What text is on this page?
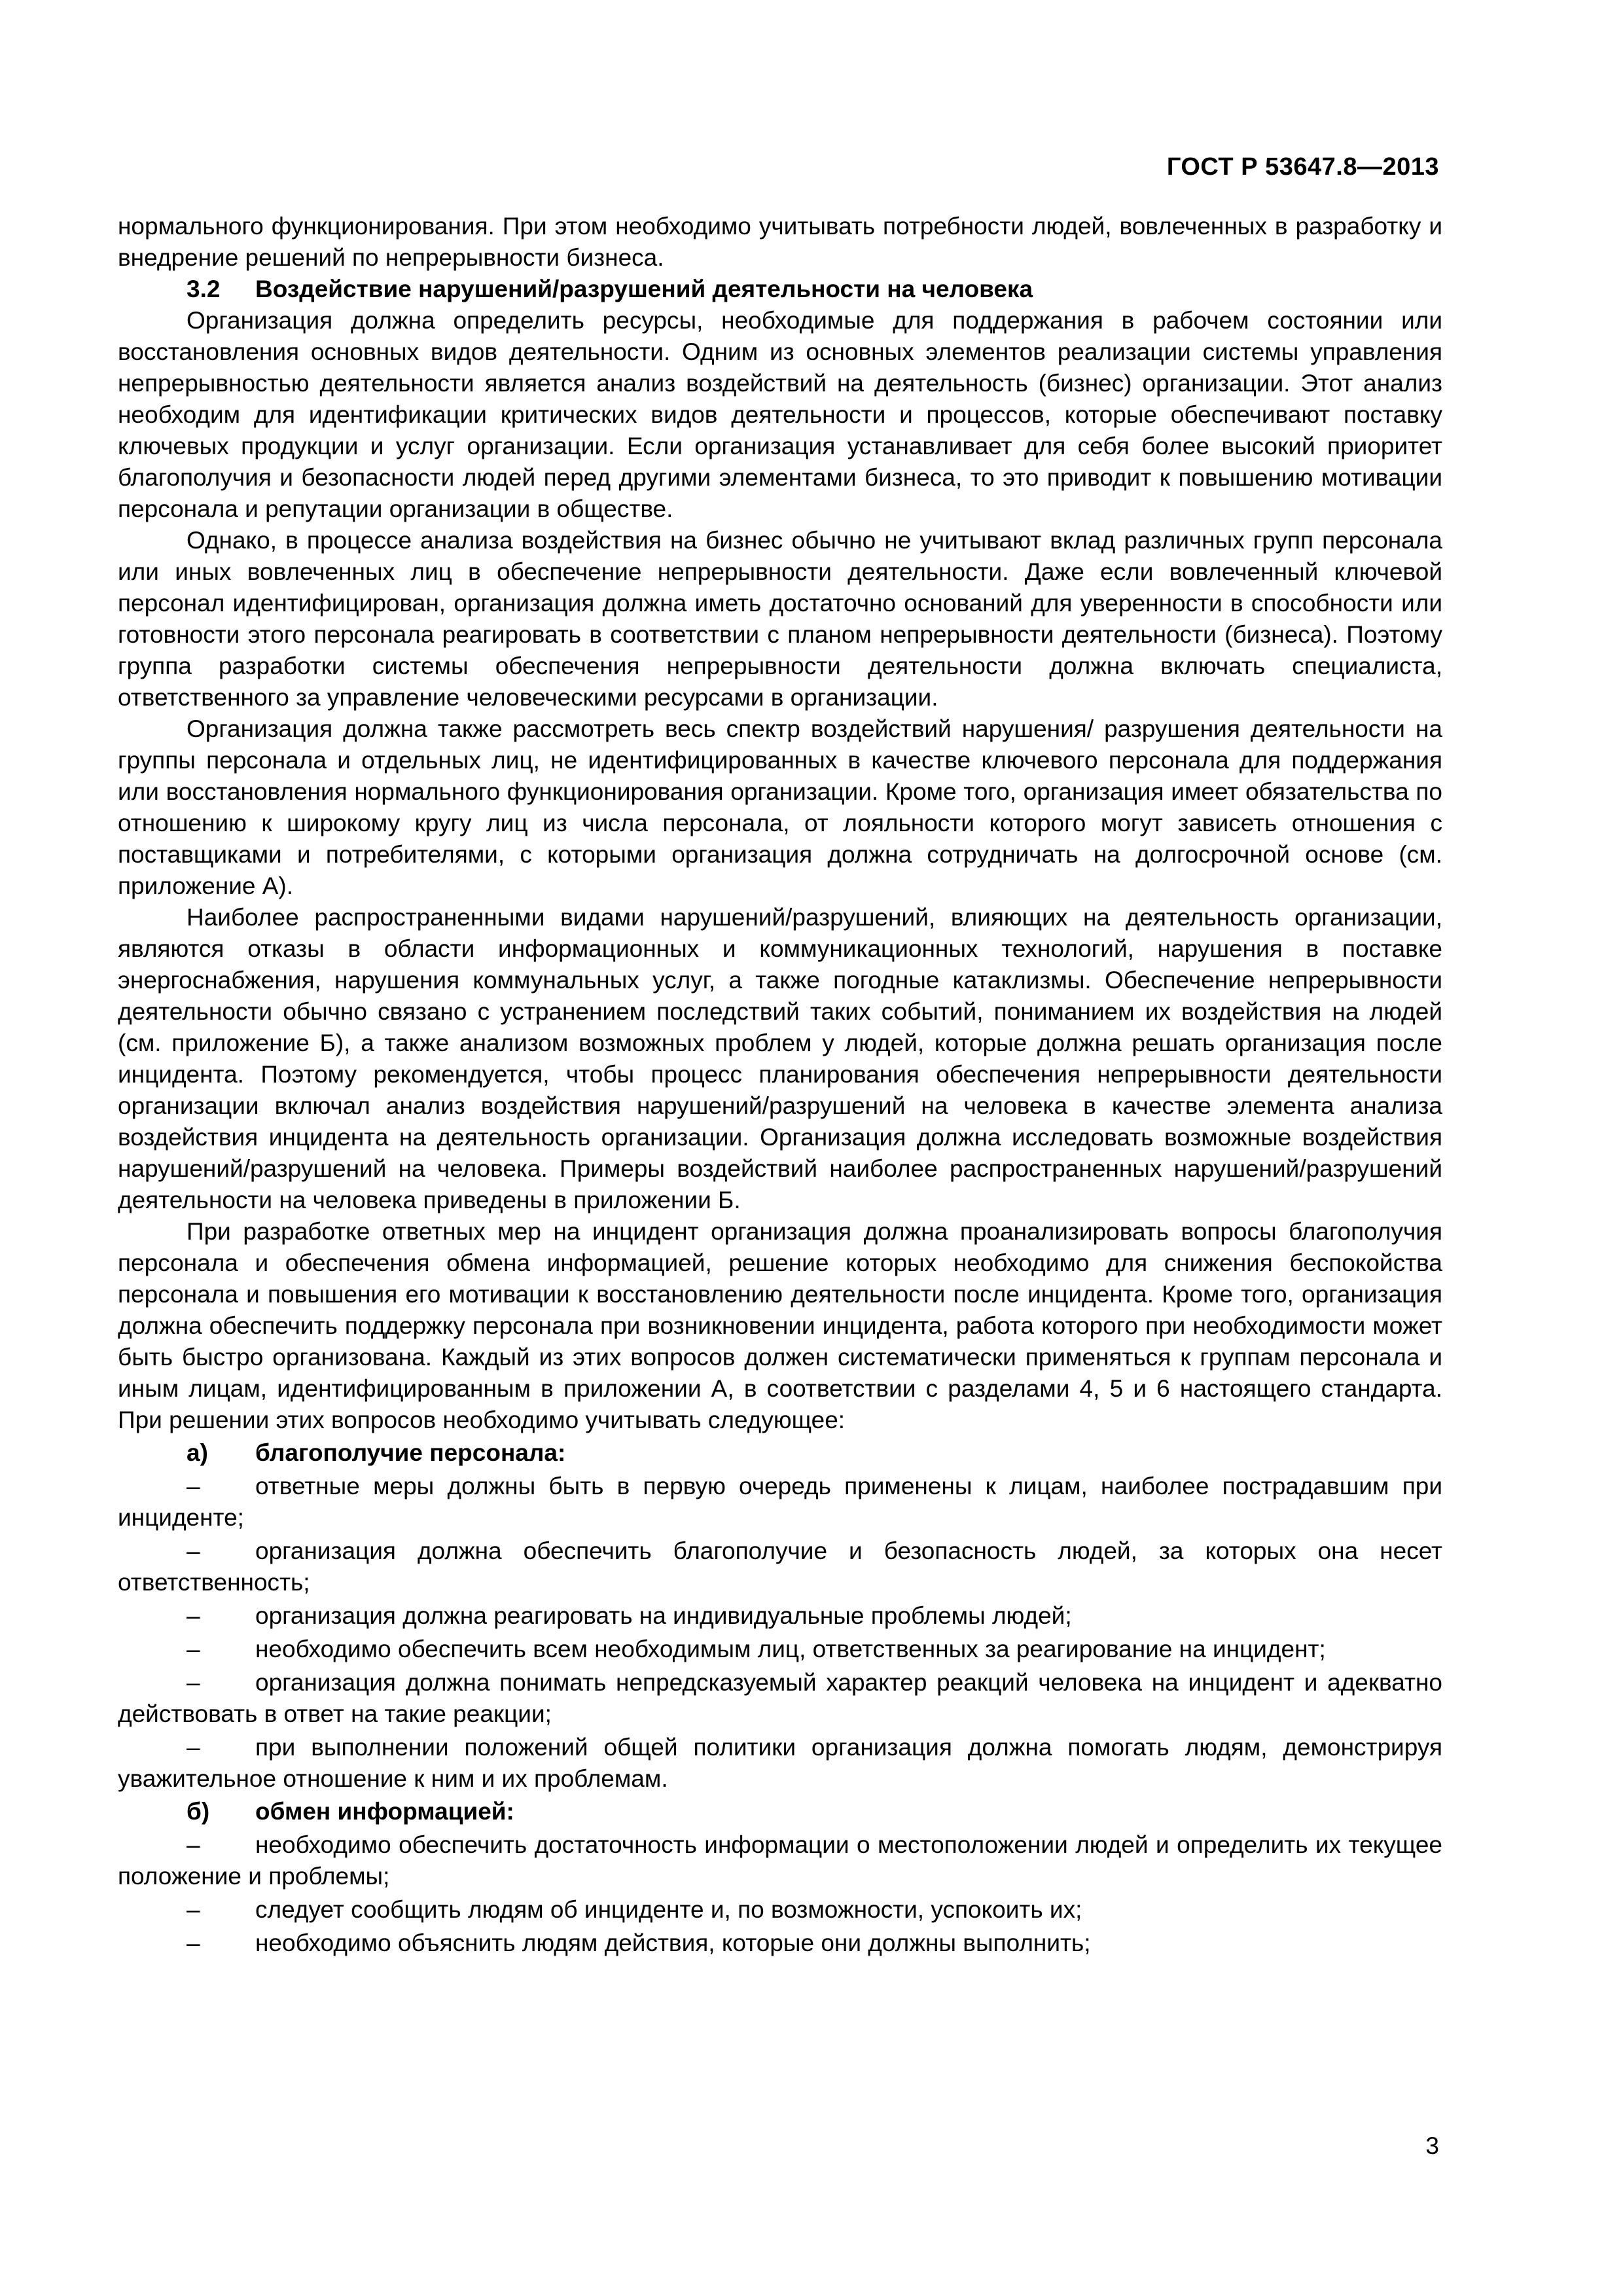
ГОСТ Р 53647.8—2013

нормального функционирования. При этом необходимо учитывать потребности людей, вовлеченных в разработку и внедрение решений по непрерывности бизнеса.

3.2	Воздействие нарушений/разрушений деятельности на человека

Организация должна определить ресурсы, необходимые для поддержания в рабочем состоянии или восстановления основных видов деятельности. Одним из основных элементов реализации системы управления непрерывностью деятельности является анализ воздействий на деятельность (бизнес) организации. Этот анализ необходим для идентификации критических видов деятельности и процессов, которые обеспечивают поставку ключевых продукции и услуг организации. Если организация устанавливает для себя более высокий приоритет благополучия и безопасности людей перед другими элементами бизнеса, то это приводит к повышению мотивации персонала и репутации организации в обществе.

Однако, в процессе анализа воздействия на бизнес обычно не учитывают вклад различных групп персонала или иных вовлеченных лиц в обеспечение непрерывности деятельности. Даже если вовлеченный ключевой персонал идентифицирован, организация должна иметь достаточно оснований для уверенности в способности или готовности этого персонала реагировать в соответствии с планом непрерывности деятельности (бизнеса). Поэтому группа разработки системы обеспечения непрерывности деятельности должна включать специалиста, ответственного за управление человеческими ресурсами в организации.

Организация должна также рассмотреть весь спектр воздействий нарушения/ разрушения деятельности на группы персонала и отдельных лиц, не идентифицированных в качестве ключевого персонала для поддержания или восстановления нормального функционирования организации. Кроме того, организация имеет обязательства по отношению к широкому кругу лиц из числа персонала, от лояльности которого могут зависеть отношения с поставщиками и потребителями, с которыми организация должна сотрудничать на долгосрочной основе (см. приложение А).

Наиболее распространенными видами нарушений/разрушений, влияющих на деятельность организации, являются отказы в области информационных и коммуникационных технологий, нарушения в поставке энергоснабжения, нарушения коммунальных услуг, а также погодные катаклизмы. Обеспечение непрерывности деятельности обычно связано с устранением последствий таких событий, пониманием их воздействия на людей (см. приложение Б), а также анализом возможных проблем у людей, которые должна решать организация после инцидента. Поэтому рекомендуется, чтобы процесс планирования обеспечения непрерывности деятельности организации включал анализ воздействия нарушений/разрушений на человека в качестве элемента анализа воздействия инцидента на деятельность организации. Организация должна исследовать возможные воздействия нарушений/разрушений на человека. Примеры воздействий наиболее распространенных нарушений/разрушений деятельности на человека приведены в приложении Б.

При разработке ответных мер на инцидент организация должна проанализировать вопросы благополучия персонала и обеспечения обмена информацией, решение которых необходимо для снижения беспокойства персонала и повышения его мотивации к восстановлению деятельности после инцидента. Кроме того, организация должна обеспечить поддержку персонала при возникновении инцидента, работа которого при необходимости может быть быстро организована. Каждый из этих вопросов должен систематически применяться к группам персонала и иным лицам, идентифицированным в приложении А, в соответствии с разделами 4, 5 и 6 настоящего стандарта. При решении этих вопросов необходимо учитывать следующее:

а)	благополучие персонала:

– ответные меры должны быть в первую очередь применены к лицам, наиболее пострадавшим при инциденте;

– организация должна обеспечить благополучие и безопасность людей, за которых она несет ответственность;

– организация должна реагировать на индивидуальные проблемы людей;

– необходимо обеспечить всем необходимым лиц, ответственных за реагирование на инцидент;

– организация должна понимать непредсказуемый характер реакций человека на инцидент и адекватно действовать в ответ на такие реакции;

– при выполнении положений общей политики организация должна помогать людям, демонстрируя уважительное отношение к ним и их проблемам.

б)	обмен информацией:

– необходимо обеспечить достаточность информации о местоположении людей и определить их текущее положение и проблемы;

– следует сообщить людям об инциденте и, по возможности, успокоить их;

– необходимо объяснить людям действия, которые они должны выполнить;

3
